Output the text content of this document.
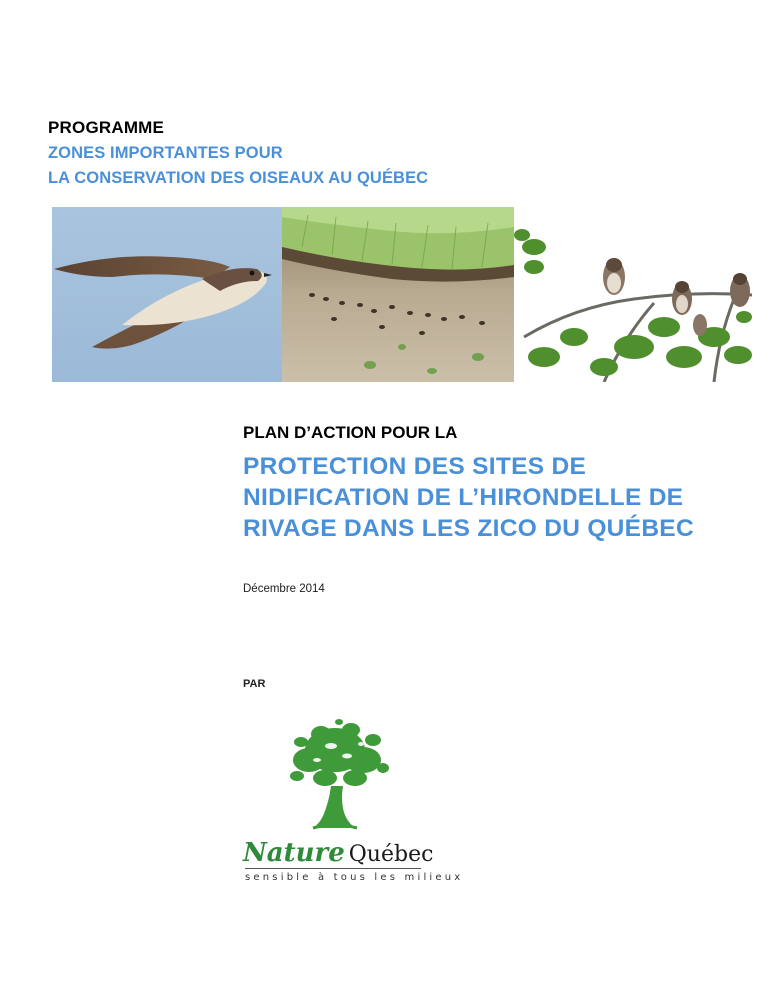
PROGRAMME
ZONES IMPORTANTES POUR
LA CONSERVATION DES OISEAUX AU QUÉBEC
PLAN D’ACTION POUR LA
PROTECTION DES SITES DE
NIDIFICATION DE L’HIRONDELLE DE
RIVAGE DANS LES ZICO DU QUÉBEC
Décembre 2014
PAR
Nature Québec
sensible à tous les milieux
